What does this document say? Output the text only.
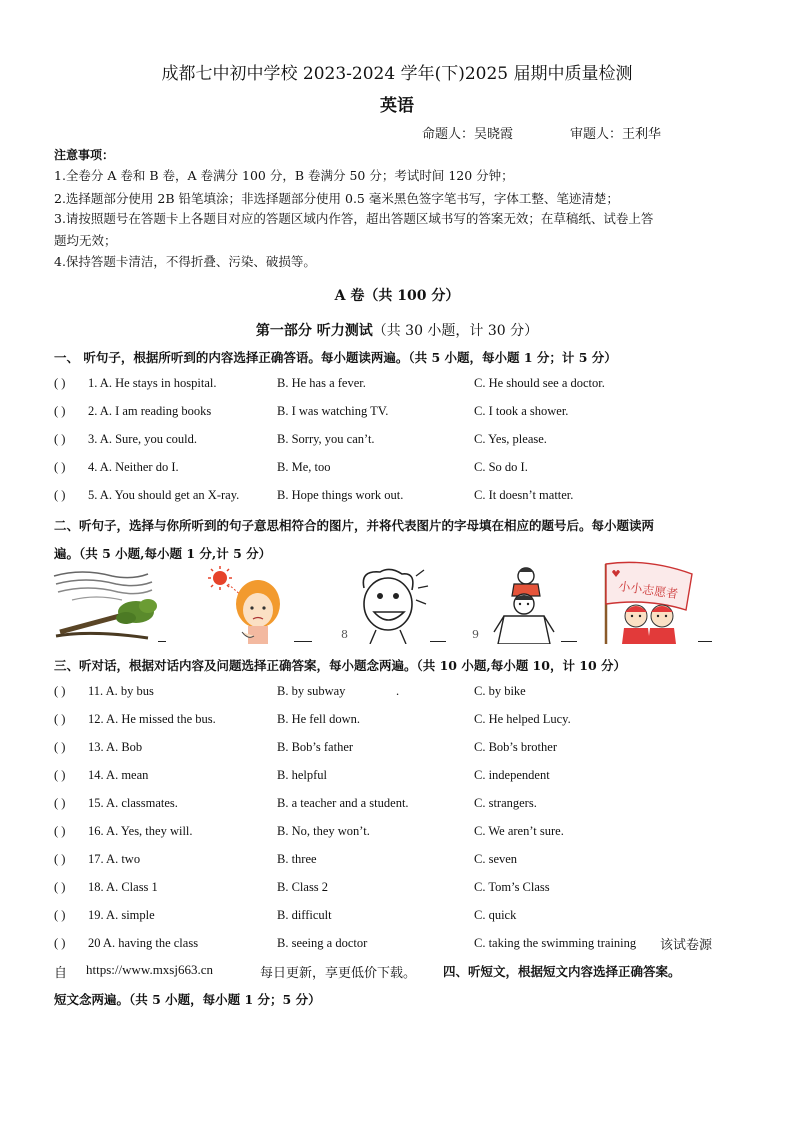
成都七中初中学校 2023-2024 学年(下)2025 届期中质量检测
英语
命题人：吴晓霞	审题人：王利华
注意事项：
1.全卷分 A 卷和 B 卷，A 卷满分 100 分，B 卷满分 50 分；考试时间 120 分钟；
2.选择题部分使用 2B 铅笔填涂；非选择题部分使用 0.5 毫米黑色签字笔书写，字体工整、笔迹清楚；
3.请按照题号在答题卡上各题目对应的答题区域内作答，超出答题区域书写的答案无效；在草稿纸、试卷上答
题均无效；
4.保持答题卡清洁，不得折叠、污染、破损等。
A 卷（共 100 分）
第一部分 听力测试（共 30 小题，计 30 分）
一、 听句子，根据所听到的内容选择正确答语。每小题读两遍。（共 5 小题，每小题 1 分；计 5 分）
( ) 1. A. He stays in hospital.	B. He has a fever.	C. He should see a doctor.
( ) 2. A. I am reading books	B. I was watching TV.	C. I took a shower.
( ) 3. A. Sure, you could.	B. Sorry, you can’t.	C. Yes, please.
( ) 4. A. Neither do I.	B. Me, too	C. So do I.
( ) 5. A. You should get an X-ray.	B. Hope things work out.	C. It doesn’t matter.
二、听句子，选择与你所听到的句子意思相符合的图片，并将代表图片的字母填在相应的题号后。每小题读两
遍。（共 5 小题,每小题 1 分,计 5 分）
8	9
小小志愿者
三、听对话，根据对话内容及问题选择正确答案，每小题念两遍。（共 10 小题,每小题 10，计 10 分）
( ) 11. A. by bus	B. by subway	.	C. by bike
( ) 12. A. He missed the bus.	B. He fell down.	C. He helped Lucy.
( ) 13. A. Bob	B. Bob’s father	C. Bob’s brother
( ) 14. A. mean	B. helpful	C. independent
( ) 15. A. classmates.	B. a teacher and a student.	C. strangers.
( ) 16. A. Yes, they will.	B. No, they won’t.	C. We aren’t sure.
( ) 17. A. two	B. three	C. seven
( ) 18. A. Class 1	B. Class 2	C. Tom’s Class
( ) 19. A. simple	B. difficult	C. quick
( ) 20 A. having the class	B. seeing a doctor	C. taking the swimming training 该试卷源
自 https://www.mxsj663.cn	每日更新，享更低价下载。 四、听短文，根据短文内容选择正确答案。
短文念两遍。（共 5 小题，每小题 1 分；5 分）
